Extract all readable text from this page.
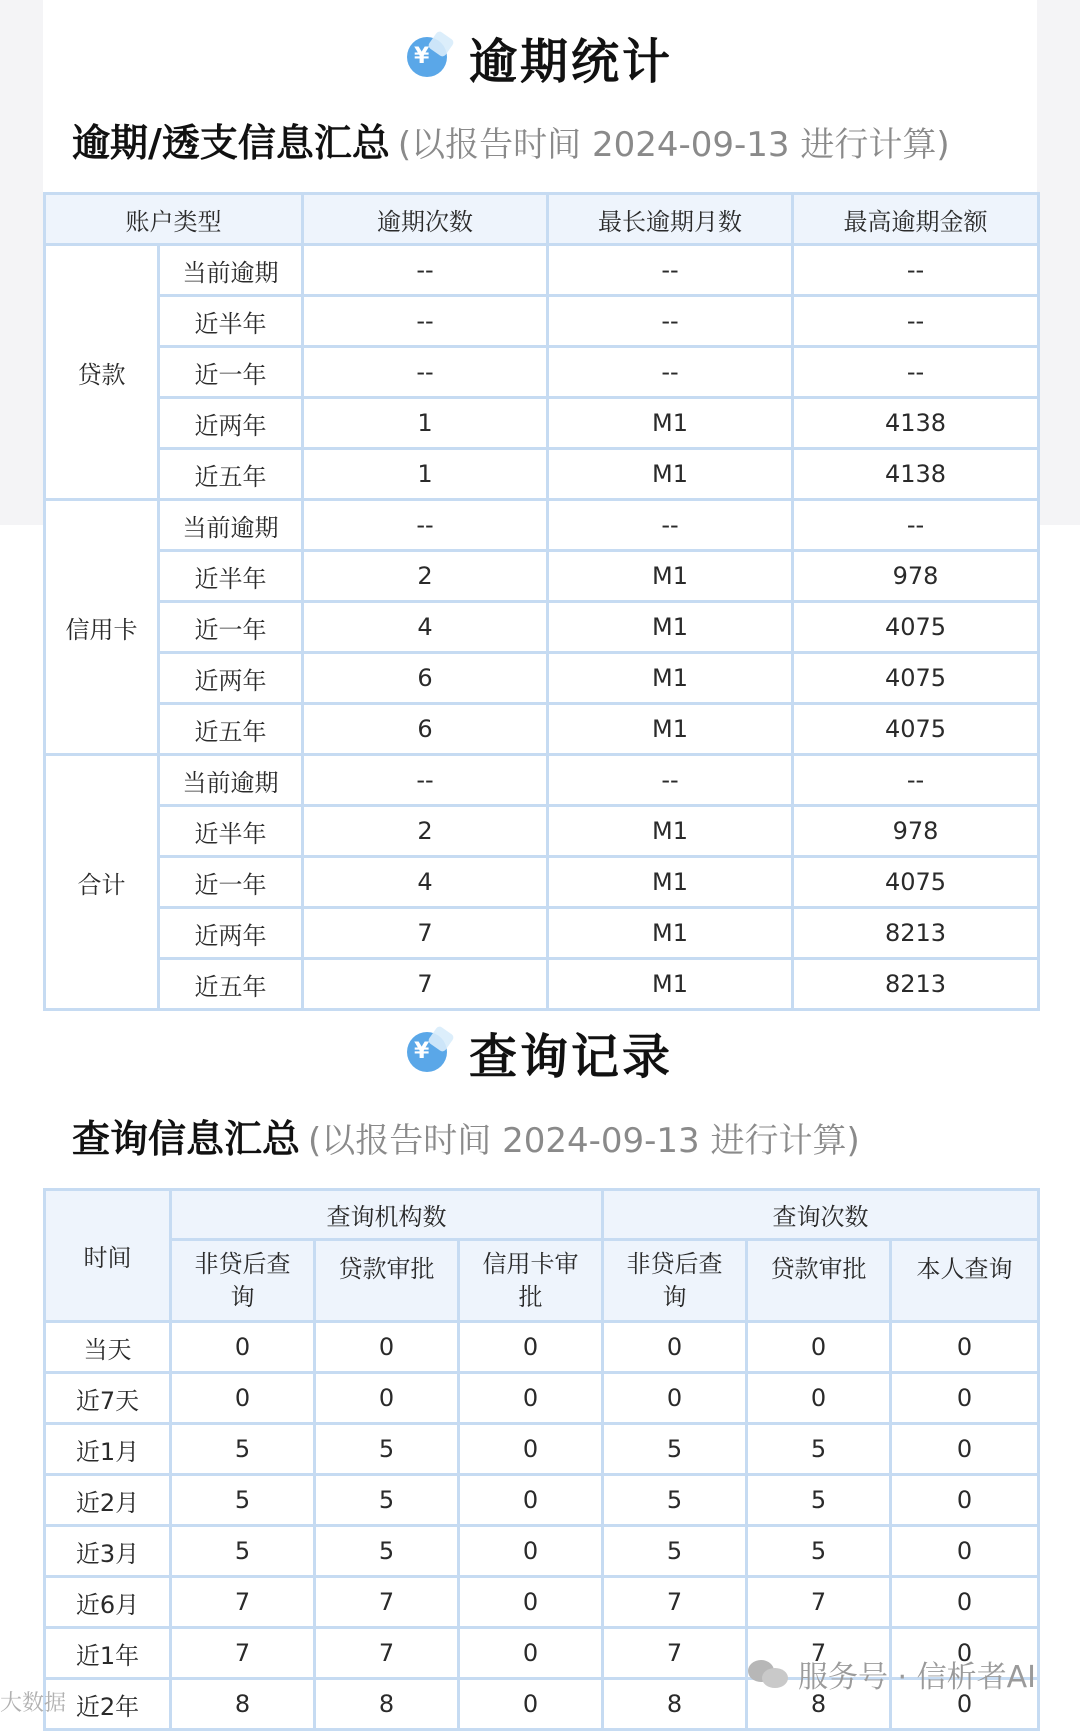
¥ 逾期统计
逾期/透支信息汇总 (以报告时间 2024-09-13 进行计算)
账户类型		逾期次数	最长逾期月数	最高逾期金额
贷款	当前逾期	--	--	--
	近半年	--	--	--
	近一年	--	--	--
	近两年	1	M1	4138
	近五年	1	M1	4138
信用卡	当前逾期	--	--	--
	近半年	2	M1	978
	近一年	4	M1	4075
	近两年	6	M1	4075
	近五年	6	M1	4075
合计	当前逾期	--	--	--
	近半年	2	M1	978
	近一年	4	M1	4075
	近两年	7	M1	8213
	近五年	7	M1	8213
¥ 查询记录
查询信息汇总 (以报告时间 2024-09-13 进行计算)
时间	查询机构数			查询次数		
	非贷后查询	贷款审批	信用卡审批	非贷后查询	贷款审批	本人查询
当天	0	0	0	0	0	0
近7天	0	0	0	0	0	0
近1月	5	5	0	5	5	0
近2月	5	5	0	5	5	0
近3月	5	5	0	5	5	0
近6月	7	7	0	7	7	0
近1年	7	7	0	7	7	0
近2年	8	8	0	8	8	0
大数据
服务号 · 信析者AI
